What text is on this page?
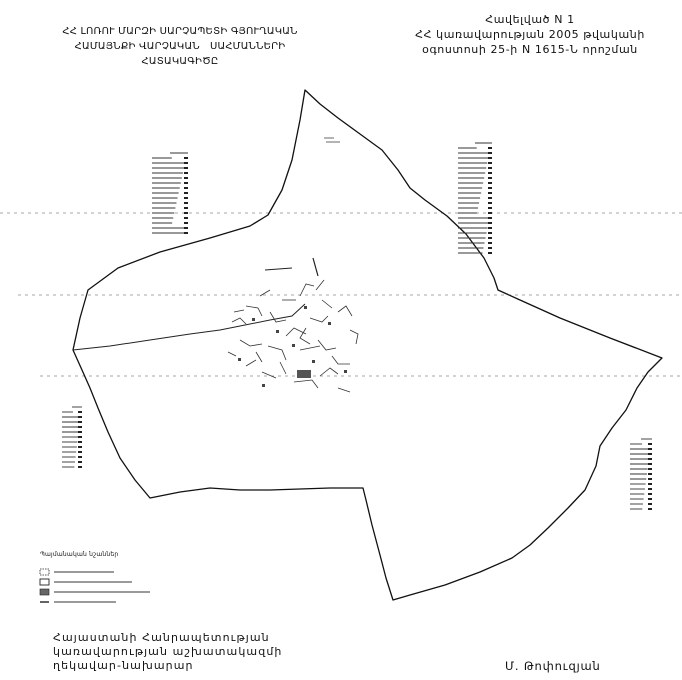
ՀՀ ԼՈՌՈՒ ՄԱՐԶԻ ՍԱՐՉԱՊԵՏԻ ԳՅՈՒՂԱԿԱՆ
ՀԱՄԱՅՆՔԻ ՎԱՐՉԱԿԱՆ   ՍԱՀՄԱՆՆԵՐԻ
ՀԱՏԱԿԱԳԻԾԸ
Հավելված N 1
ՀՀ կառավարության 2005 թվականի
օգոստոսի 25-ի N 1615-Ն որոշման
Պայմանական նշաններ
Հայաստանի Հանրապետության
կառավարության աշխատակազմի
ղեկավար-նախարար	Մ. Թոփուզյան
